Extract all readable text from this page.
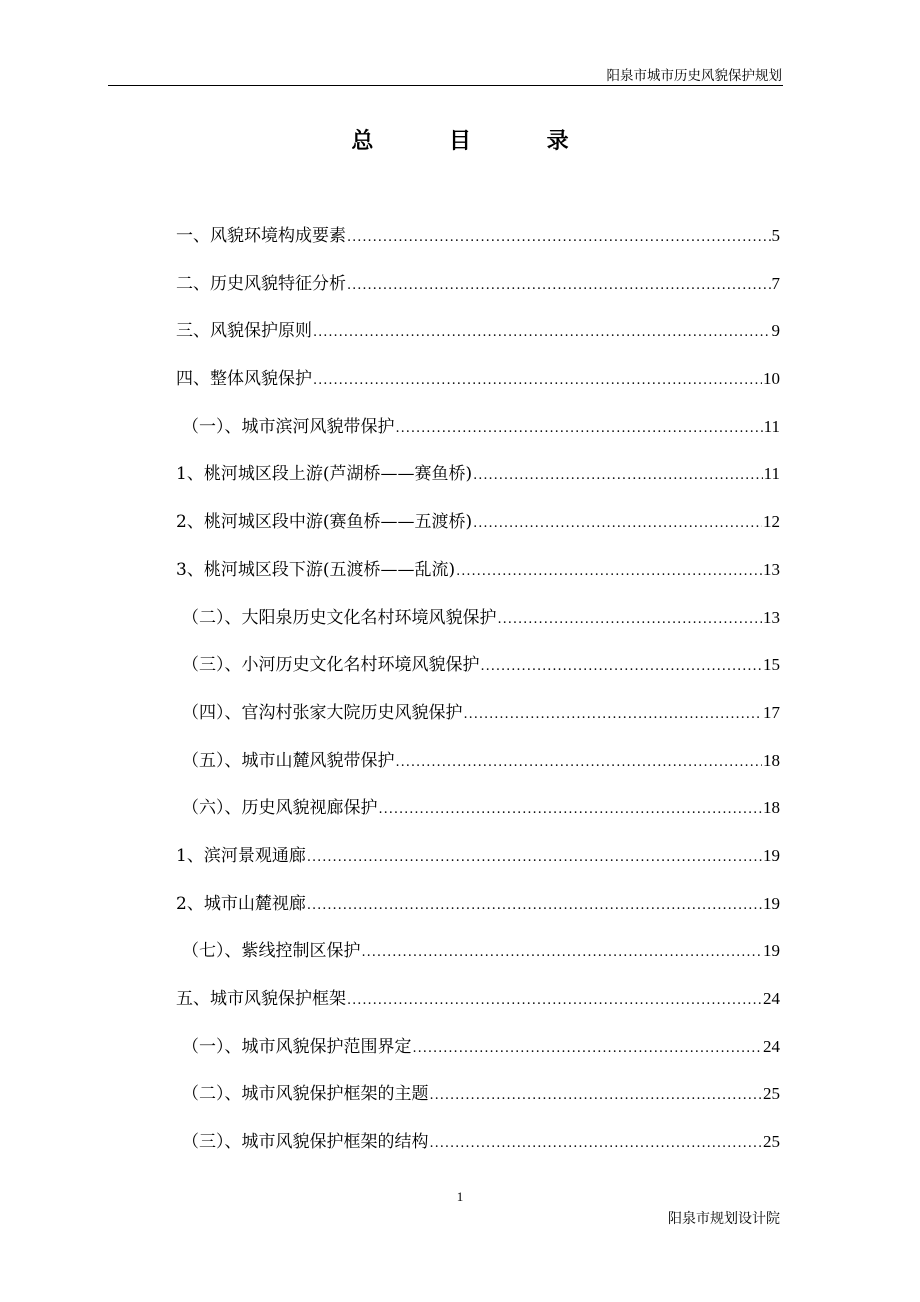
阳泉市城市历史风貌保护规划
总 目 录
一、风貌环境构成要素 .....	5
二、历史风貌特征分析 .....	7
三、风貌保护原则 .....	9
四、整体风貌保护 .....	10
（一）、城市滨河风貌带保护 .....	11
1、桃河城区段上游(芦湖桥——赛鱼桥) .....	11
2、桃河城区段中游(赛鱼桥——五渡桥) .....	12
3、桃河城区段下游(五渡桥——乱流) .....	13
（二）、大阳泉历史文化名村环境风貌保护 .....	13
（三）、小河历史文化名村环境风貌保护 .....	15
（四）、官沟村张家大院历史风貌保护 .....	17
（五）、城市山麓风貌带保护 .....	18
（六）、历史风貌视廊保护 .....	18
1、滨河景观通廊 .....	19
2、城市山麓视廊 .....	19
（七）、紫线控制区保护 .....	19
五、城市风貌保护框架 .....	24
（一）、城市风貌保护范围界定 .....	24
（二）、城市风貌保护框架的主题 .....	25
（三）、城市风貌保护框架的结构 .....	25
1
阳泉市规划设计院
